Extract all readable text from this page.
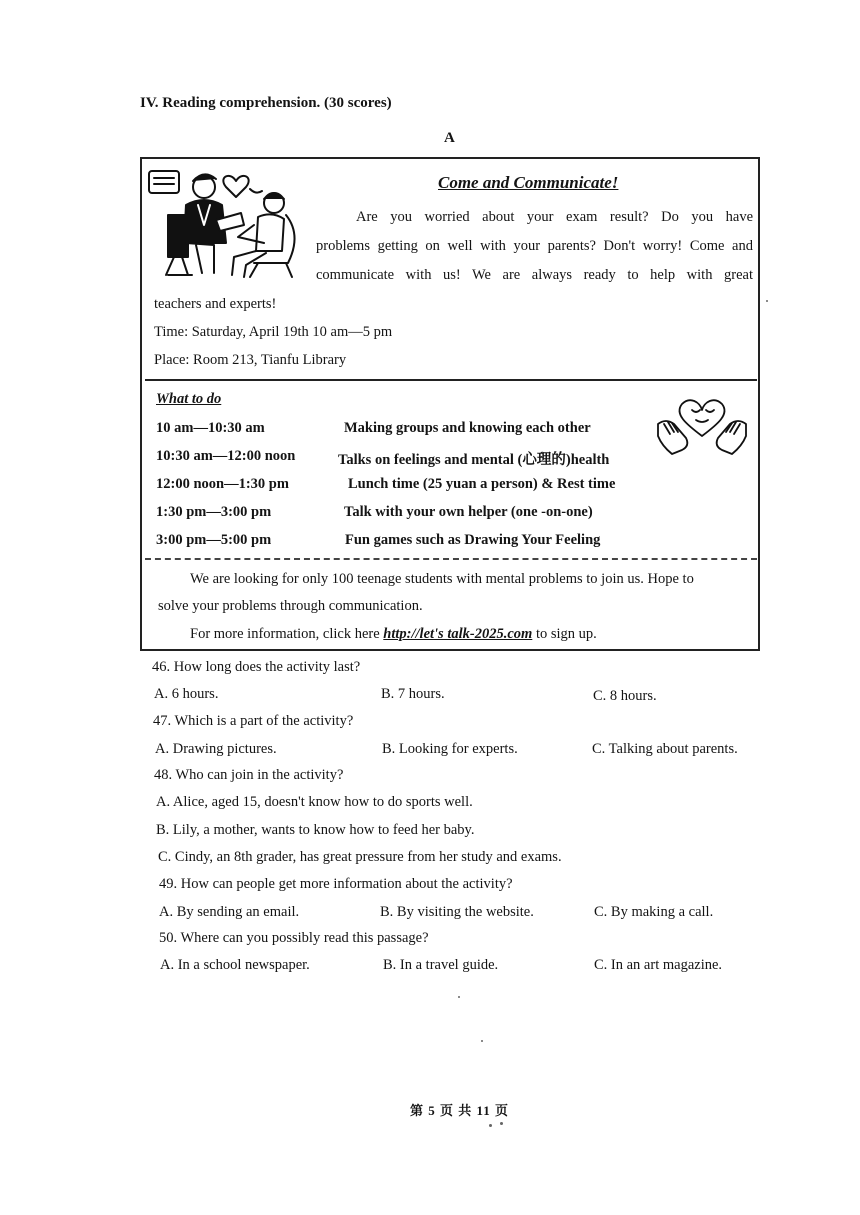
IV. Reading comprehension. (30 scores)
A
Come and Communicate!
Are you worried about your exam result? Do you have
problems getting on well with your parents? Don't worry! Come and
communicate with us! We are always ready to help with great
teachers and experts!
Time: Saturday, April 19th 10 am—5 pm
Place: Room 213, Tianfu Library
What to do
10 am—10:30 am	Making groups and knowing each other
10:30 am—12:00 noon	Talks on feelings and mental (心理的)health
12:00 noon—1:30 pm	Lunch time (25 yuan a person) & Rest time
1:30 pm—3:00 pm	Talk with your own helper (one -on-one)
3:00 pm—5:00 pm	Fun games such as Drawing Your Feeling
We are looking for only 100 teenage students with mental problems to join us. Hope to
solve your problems through communication.
For more information, click here http://let's talk-2025.com to sign up.
46. How long does the activity last?
A. 6 hours.	B. 7 hours.	C. 8 hours.
47. Which is a part of the activity?
A. Drawing pictures.	B. Looking for experts.	C. Talking about parents.
48. Who can join in the activity?
A. Alice, aged 15, doesn't know how to do sports well.
B. Lily, a mother, wants to know how to feed her baby.
C. Cindy, an 8th grader, has great pressure from her study and exams.
49. How can people get more information about the activity?
A. By sending an email.	B. By visiting the website.	C. By making a call.
50. Where can you possibly read this passage?
A. In a school newspaper.	B. In a travel guide.	C. In an art magazine.
第 5 页 共 11 页
